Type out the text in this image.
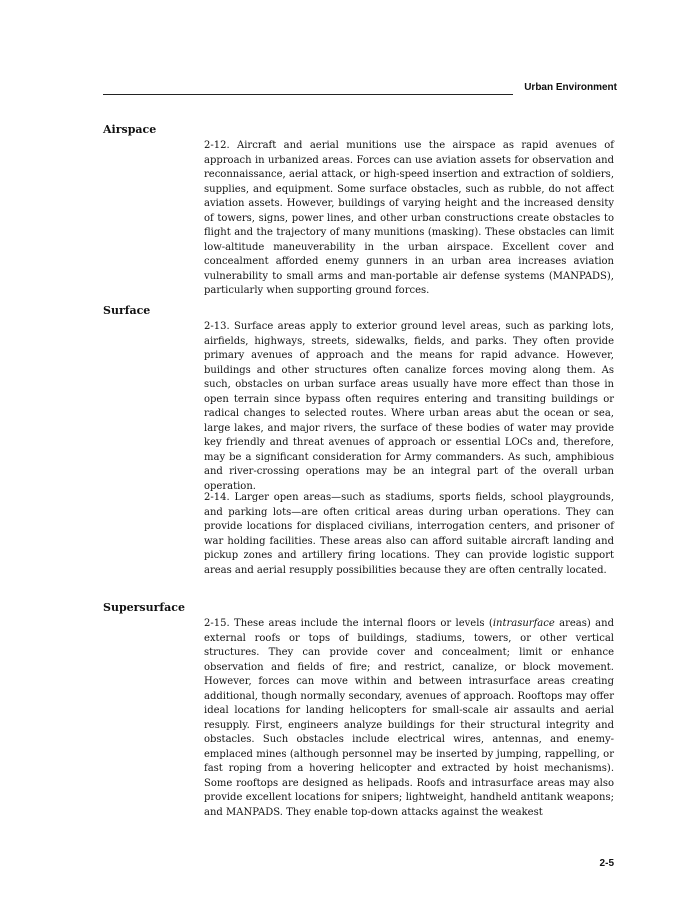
Urban Environment
Airspace

2-12. Aircraft and aerial munitions use the airspace as rapid avenues of approach in urbanized areas. Forces can use aviation assets for observation and reconnaissance, aerial attack, or high-speed insertion and extraction of soldiers, supplies, and equipment. Some surface obstacles, such as rubble, do not affect aviation assets. However, buildings of varying height and the increased density of towers, signs, power lines, and other urban constructions create obstacles to flight and the trajectory of many munitions (masking). These obstacles can limit low-altitude maneuverability in the urban airspace. Excellent cover and concealment afforded enemy gunners in an urban area increases aviation vulnerability to small arms and man-portable air defense systems (MANPADS), particularly when supporting ground forces.

Surface

2-13. Surface areas apply to exterior ground level areas, such as parking lots, airfields, highways, streets, sidewalks, fields, and parks. They often provide primary avenues of approach and the means for rapid advance. However, buildings and other structures often canalize forces moving along them. As such, obstacles on urban surface areas usually have more effect than those in open terrain since bypass often requires entering and transiting buildings or radical changes to selected routes. Where urban areas abut the ocean or sea, large lakes, and major rivers, the surface of these bodies of water may provide key friendly and threat avenues of approach or essential LOCs and, therefore, may be a significant consideration for Army commanders. As such, amphibious and river-crossing operations may be an integral part of the overall urban operation.

2-14. Larger open areas—such as stadiums, sports fields, school playgrounds, and parking lots—are often critical areas during urban operations. They can provide locations for displaced civilians, interrogation centers, and prisoner of war holding facilities. These areas also can afford suitable aircraft landing and pickup zones and artillery firing locations. They can provide logistic support areas and aerial resupply possibilities because they are often centrally located.

Supersurface

2-15. These areas include the internal floors or levels (intrasurface areas) and external roofs or tops of buildings, stadiums, towers, or other vertical structures. They can provide cover and concealment; limit or enhance observation and fields of fire; and restrict, canalize, or block movement. However, forces can move within and between intrasurface areas creating additional, though normally secondary, avenues of approach. Rooftops may offer ideal locations for landing helicopters for small-scale air assaults and aerial resupply. First, engineers analyze buildings for their structural integrity and obstacles. Such obstacles include electrical wires, antennas, and enemy-emplaced mines (although personnel may be inserted by jumping, rappelling, or fast roping from a hovering helicopter and extracted by hoist mechanisms). Some rooftops are designed as helipads. Roofs and intrasurface areas may also provide excellent locations for snipers; lightweight, handheld antitank weapons; and MANPADS. They enable top-down attacks against the weakest

2-5
